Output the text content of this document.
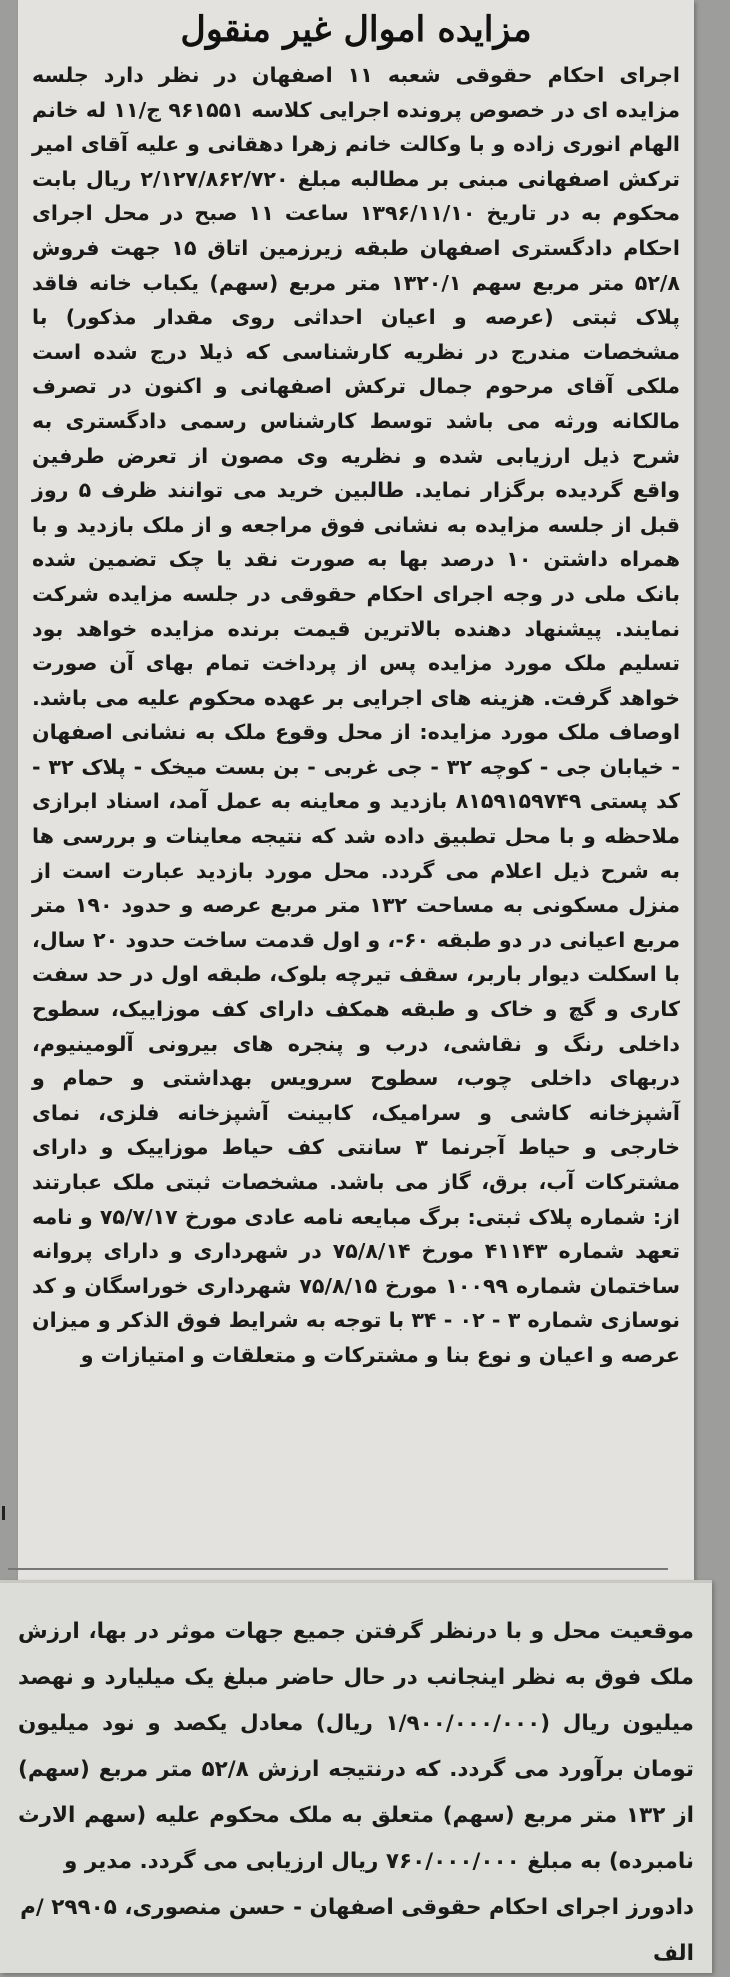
مزایده اموال غیر منقول

اجرای احکام حقوقی شعبه ۱۱ اصفهان در نظر دارد جلسه مزایده ای در خصوص پرونده اجرایی کلاسه ۹۶۱۵۵۱ ج/۱۱ له خانم الهام انوری زاده و با وکالت خانم زهرا دهقانی و علیه آقای امیر ترکش اصفهانی مبنی بر مطالبه مبلغ ۲/۱۲۷/۸۶۲/۷۲۰ ریال بابت محکوم به در تاریخ ۱۳۹۶/۱۱/۱۰ ساعت ۱۱ صبح در محل اجرای احکام دادگستری اصفهان طبقه زیرزمین اتاق ۱۵ جهت فروش ۵۲/۸ متر مربع سهم ۱۳۲۰/۱ متر مربع (سهم) یکباب خانه فاقد پلاک ثبتی (عرصه و اعیان احداثی روی مقدار مذکور) با مشخصات مندرج در نظریه کارشناسی که ذیلا درج شده است ملکی آقای مرحوم جمال ترکش اصفهانی و اکنون در تصرف مالکانه ورثه می باشد توسط کارشناس رسمی دادگستری به شرح ذیل ارزیابی شده و نظریه وی مصون از تعرض طرفین واقع گردیده برگزار نماید. طالبین خرید می توانند ظرف ۵ روز قبل از جلسه مزایده به نشانی فوق مراجعه و از ملک بازدید و با همراه داشتن ۱۰ درصد بها به صورت نقد یا چک تضمین شده بانک ملی در وجه اجرای احکام حقوقی در جلسه مزایده شرکت نمایند. پیشنهاد دهنده بالاترین قیمت برنده مزایده خواهد بود تسلیم ملک مورد مزایده پس از پرداخت تمام بهای آن صورت خواهد گرفت. هزینه های اجرایی بر عهده محکوم علیه می باشد. اوصاف ملک مورد مزایده: از محل وقوع ملک به نشانی اصفهان - خیابان جی - کوچه ۳۲ - جی غربی - بن بست میخک - پلاک ۳۲ - کد پستی ۸۱۵۹۱۵۹۷۴۹ بازدید و معاینه به عمل آمد، اسناد ابرازی ملاحظه و با محل تطبیق داده شد که نتیجه معاینات و بررسی ها به شرح ذیل اعلام می گردد. محل مورد بازدید عبارت است از منزل مسکونی به مساحت ۱۳۲ متر مربع عرصه و حدود ۱۹۰ متر مربع اعیانی در دو طبقه ۶۰-، و اول قدمت ساخت حدود ۲۰ سال، با اسکلت دیوار باربر، سقف تیرچه بلوک، طبقه اول در حد سفت کاری و گچ و خاک و طبقه همکف دارای کف موزاییک، سطوح داخلی رنگ و نقاشی، درب و پنجره های بیرونی آلومینیوم، دربهای داخلی چوب، سطوح سرویس بهداشتی و حمام و آشپزخانه کاشی و سرامیک، کابینت آشپزخانه فلزی، نمای خارجی و حیاط آجرنما ۳ سانتی کف حیاط موزاییک و دارای مشترکات آب، برق، گاز می باشد. مشخصات ثبتی ملک عبارتند از: شماره پلاک ثبتی: برگ مبایعه نامه عادی مورخ ۷۵/۷/۱۷ و نامه تعهد شماره ۴۱۱۴۳ مورخ ۷۵/۸/۱۴ در شهرداری و دارای پروانه ساختمان شماره ۱۰۰۹۹ مورخ ۷۵/۸/۱۵ شهرداری خوراسگان و کد نوسازی شماره ۳ - ۰۲ - ۳۴ با توجه به شرایط فوق الذکر و میزان عرصه و اعیان و نوع بنا و مشترکات و متعلقات و امتیازات و

موقعیت محل و با درنظر گرفتن جمیع جهات موثر در بها، ارزش ملک فوق به نظر اینجانب در حال حاضر مبلغ یک میلیارد و نهصد میلیون ریال (۱/۹۰۰/۰۰۰/۰۰۰ ریال) معادل یکصد و نود میلیون تومان برآورد می گردد. که درنتیجه ارزش ۵۲/۸ متر مربع (سهم) از ۱۳۲ متر مربع (سهم) متعلق به ملک محکوم علیه (سهم الارث نامبرده) به مبلغ ۷۶۰/۰۰۰/۰۰۰ ریال ارزیابی می گردد. مدیر و

دادورز اجرای احکام حقوقی اصفهان - حسن منصوری، ۲۹۹۰۵ /م الف
